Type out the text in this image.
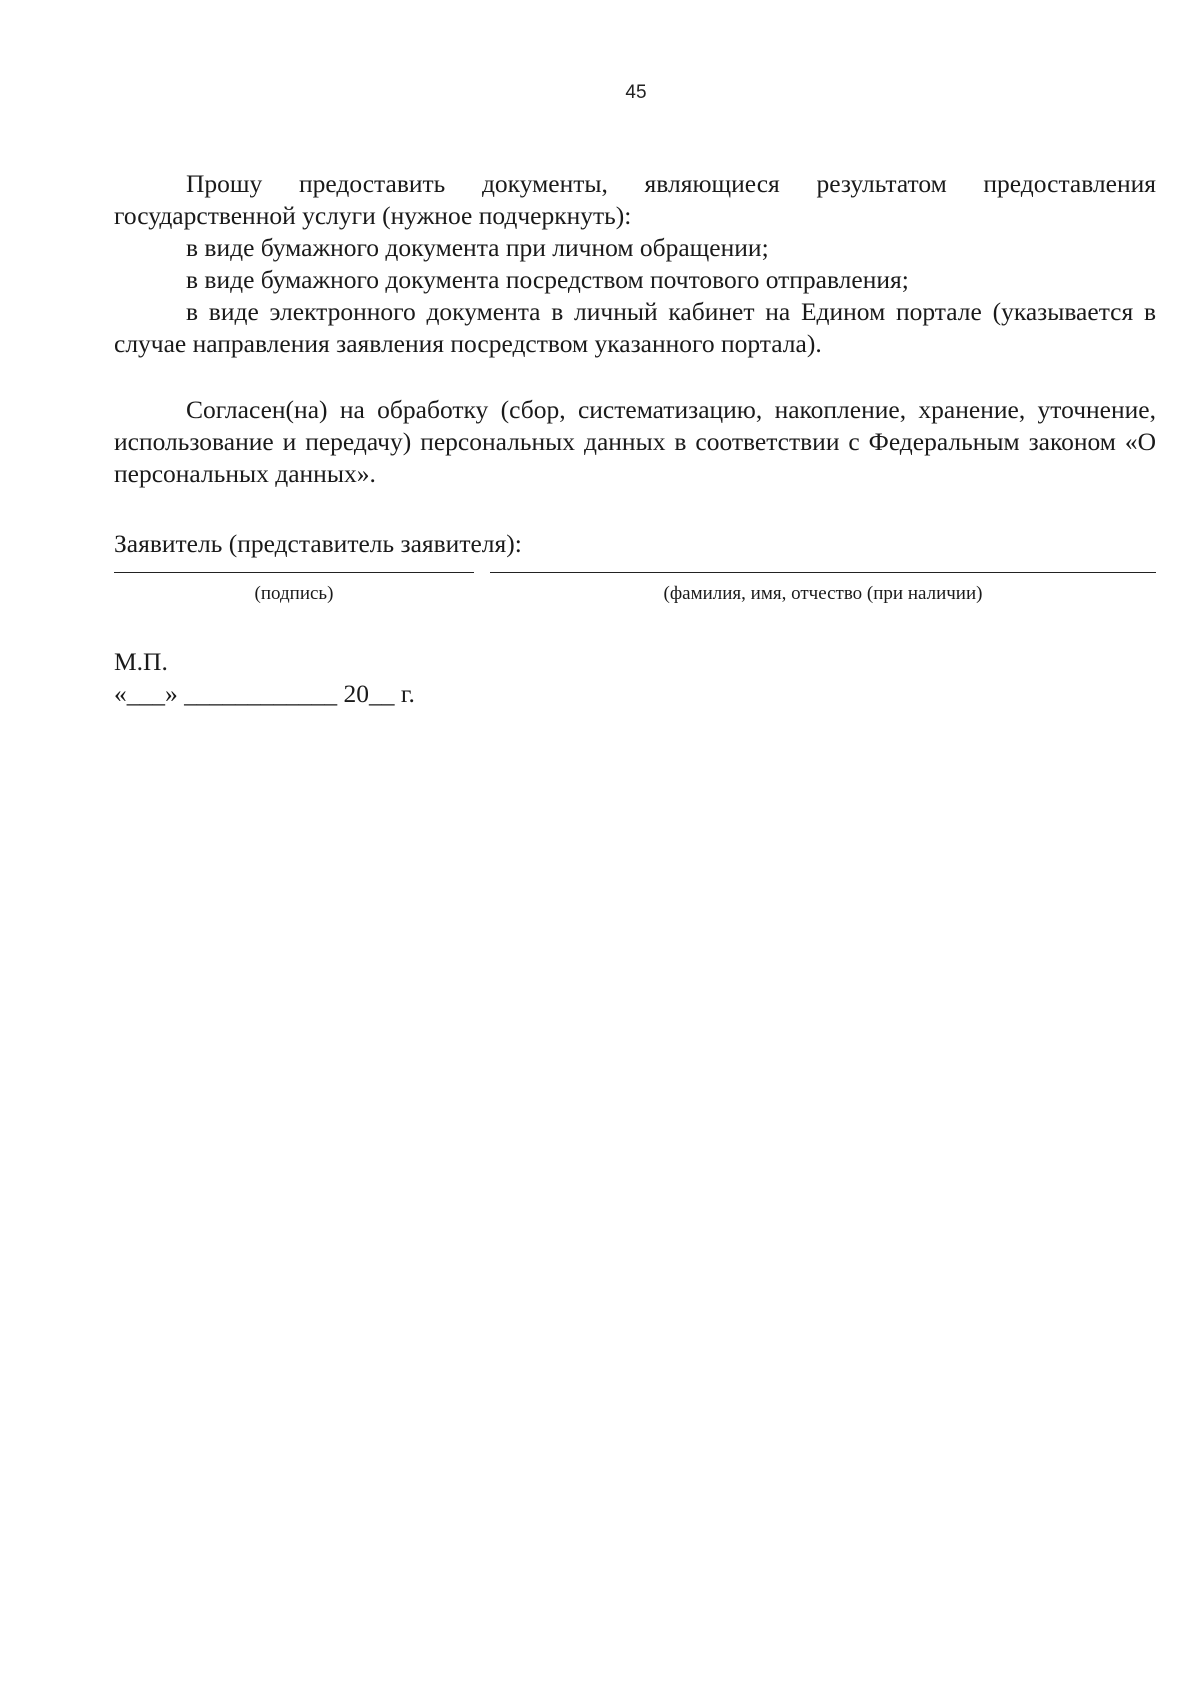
45

Прошу предоставить документы, являющиеся результатом предоставления государственной услуги (нужное подчеркнуть):

в виде бумажного документа при личном обращении;

в виде бумажного документа посредством почтового отправления;

в виде электронного документа в личный кабинет на Едином портале (указывается в случае направления заявления посредством указанного портала).

Согласен(на) на обработку (сбор, систематизацию, накопление, хранение, уточнение, использование и передачу) персональных данных в соответствии с Федеральным законом «О персональных данных».

Заявитель (представитель заявителя):

(подпись)	(фамилия, имя, отчество (при наличии)

М.П.

«___» ____________ 20__ г.
